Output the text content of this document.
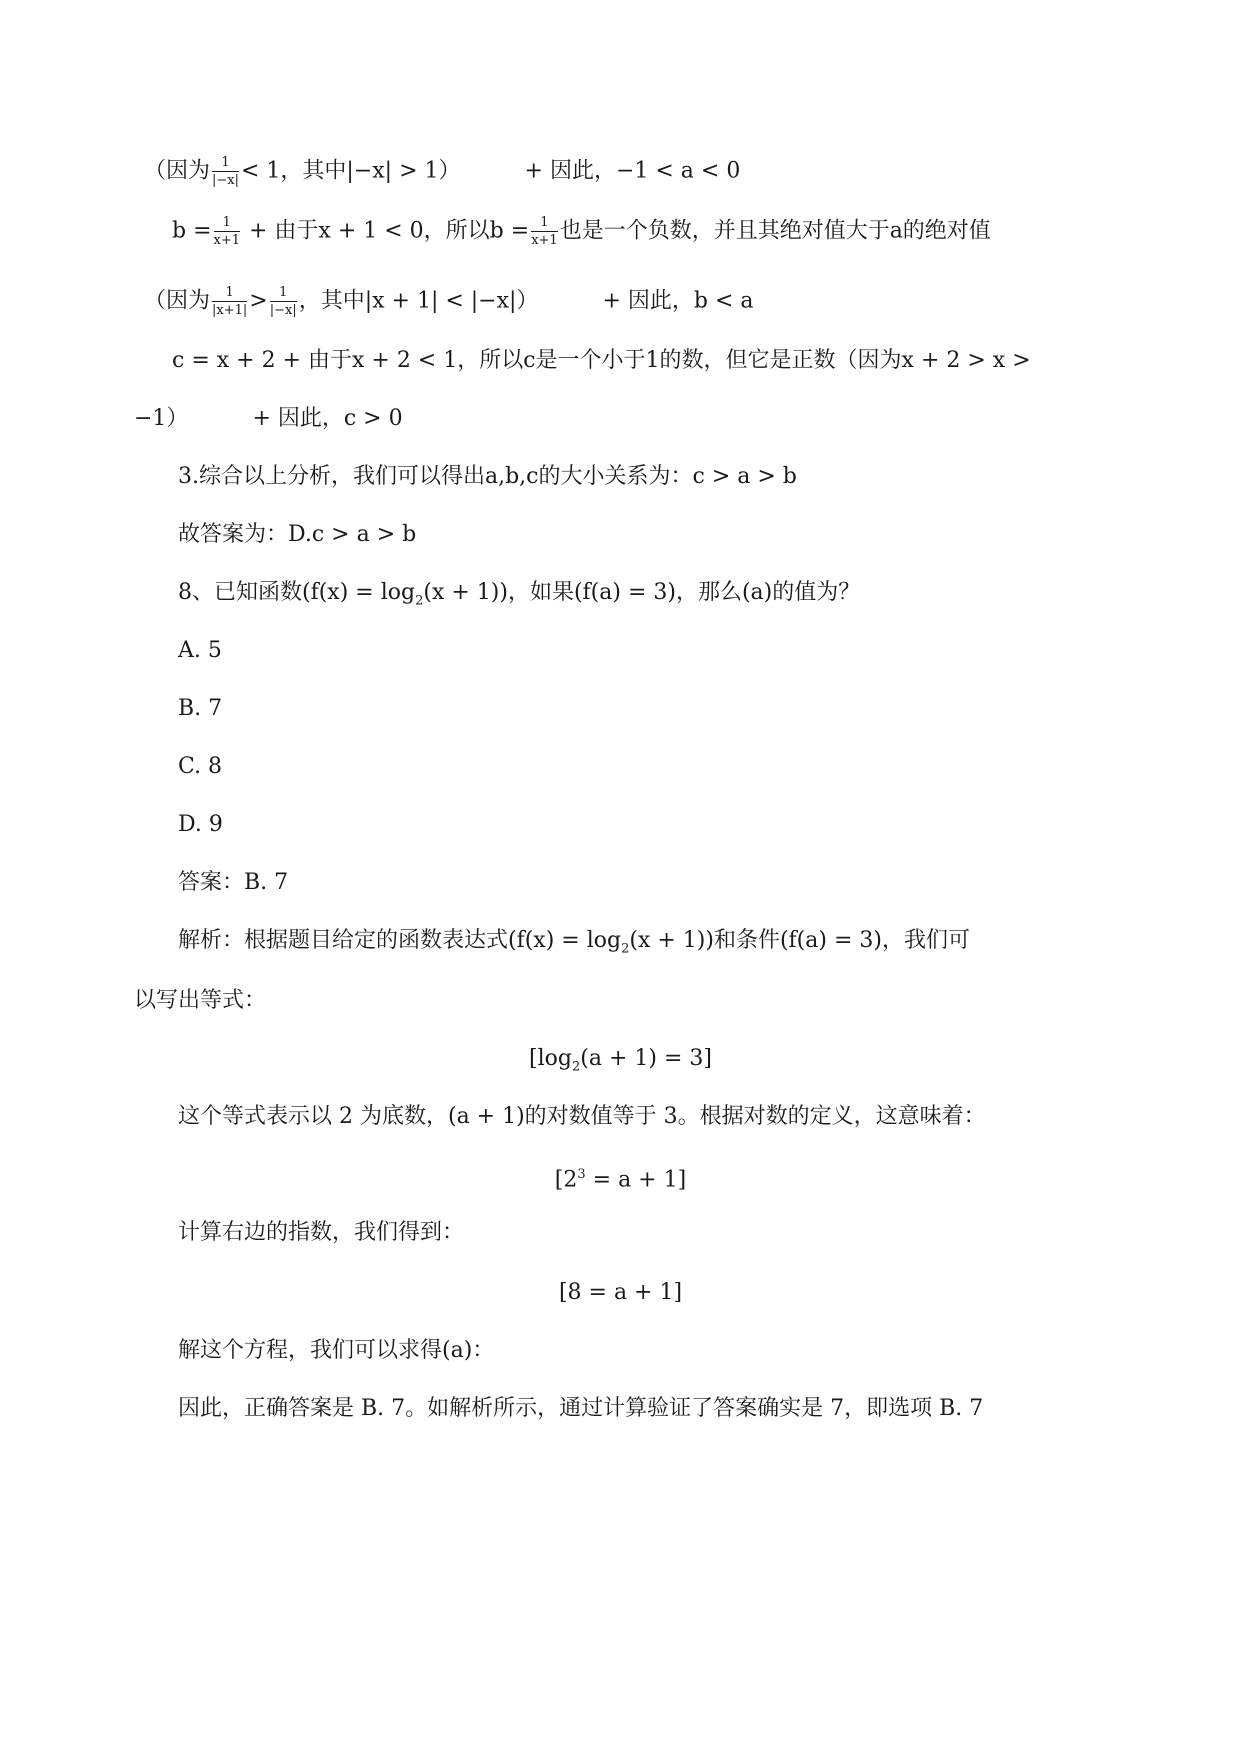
（因为 $\frac{1}{|-x|} < 1$，其中|−x| > 1）	+ 因此，−1 < a < 0
$b = \frac{1}{x+1}$ + 由于x + 1 < 0，所以$b = \frac{1}{x+1}$ 也是一个负数，并且其绝对值大于a的绝对值
（因为 $\frac{1}{|x+1|} > \frac{1}{|-x|}$ ，其中|x + 1| < |−x|）	+ 因此，b < a
c = x + 2 + 由于x + 2 < 1，所以c是一个小于1的数，但它是正数（因为x + 2 > x >
−1）	+ 因此，c > 0
3.综合以上分析，我们可以得出a,b,c的大小关系为：c > a > b
故答案为：D.c > a > b
8、已知函数$(f(x) = \log_2(x + 1))$，如果(f(a) = 3)，那么(a)的值为？
A. 5
B. 7
C. 8
D. 9
答案：B. 7
解析：根据题目给定的函数表达式$(f(x) = \log_2(x + 1))$和条件(f(a) = 3)，我们可
以写出等式：
$[\log_2(a + 1) = 3]$
这个等式表示以 2 为底数，(a + 1)的对数值等于 3。根据对数的定义，这意味着：
$[2^3 = a + 1]$
计算右边的指数，我们得到：
[8 = a + 1]
解这个方程，我们可以求得(a)：
因此，正确答案是 B. 7。如解析所示，通过计算验证了答案确实是 7，即选项 B. 7
